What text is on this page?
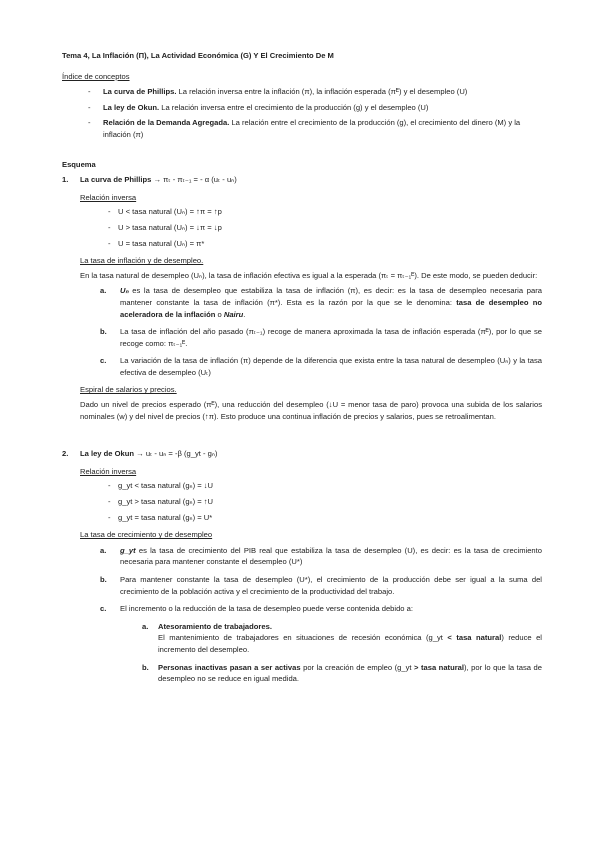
Tema 4, La Inflación (Π), La Actividad Económica (G) Y El Crecimiento De M
Índice de conceptos
- La curva de Phillips. La relación inversa entre la inflación (π), la inflación esperada (πᴱ) y el desempleo (U)
- La ley de Okun. La relación inversa entre el crecimiento de la producción (g) y el desempleo (U)
- Relación de la Demanda Agregada. La relación entre el crecimiento de la producción (g), el crecimiento del dinero (M) y la inflación (π)
Esquema
1. La curva de Phillips → πₜ - πₜ₋₁ = - α (uₜ - uₙ)
Relación inversa
- U < tasa natural (Uₙ) = ↑π = ↑p
- U > tasa natural (Uₙ) = ↓π = ↓p
- U = tasa natural (Uₙ) = π*
La tasa de inflación y de desempleo.
En la tasa natural de desempleo (Uₙ), la tasa de inflación efectiva es igual a la esperada (πₜ = πₜ₋₁ᴱ). De este modo, se pueden deducir:
a. Uₙ es la tasa de desempleo que estabiliza la tasa de inflación (π), es decir: es la tasa de desempleo necesaria para mantener constante la tasa de inflación (π*). Esta es la razón por la que se le denomina: tasa de desempleo no aceleradora de la inflación o Nairu.
b. La tasa de inflación del año pasado (πₜ₋₁) recoge de manera aproximada la tasa de inflación esperada (πᴱ), por lo que se recoge como: πₜ₋₁ᴱ.
c. La variación de la tasa de inflación (π) depende de la diferencia que exista entre la tasa natural de desempleo (Uₙ) y la tasa efectiva de desempleo (Uₜ)
Espiral de salarios y precios.
Dado un nivel de precios esperado (πᴱ), una reducción del desempleo (↓U = menor tasa de paro) provoca una subida de los salarios nominales (w) y del nivel de precios (↑π). Esto produce una continua inflación de precios y salarios, pues se retroalimentan.
2. La ley de Okun → uₜ - uₙ = -β (g_yt - gₙ)
Relación inversa
- g_yt < tasa natural (gₙ) = ↓U
- g_yt > tasa natural (gₙ) = ↑U
- g_yt = tasa natural (gₙ) = U*
La tasa de crecimiento y de desempleo
a. g_yt es la tasa de crecimiento del PIB real que estabiliza la tasa de desempleo (U), es decir: es la tasa de crecimiento necesaria para mantener constante el desempleo (U*)
b. Para mantener constante la tasa de desempleo (U*), el crecimiento de la producción debe ser igual a la suma del crecimiento de la población activa y el crecimiento de la productividad del trabajo.
c. El incremento o la reducción de la tasa de desempleo puede verse contenida debido a:
a. Atesoramiento de trabajadores.
El mantenimiento de trabajadores en situaciones de recesión económica (g_yt < tasa natural) reduce el incremento del desempleo.
b. Personas inactivas pasan a ser activas por la creación de empleo (g_yt > tasa natural), por lo que la tasa de desempleo no se reduce en igual medida.
